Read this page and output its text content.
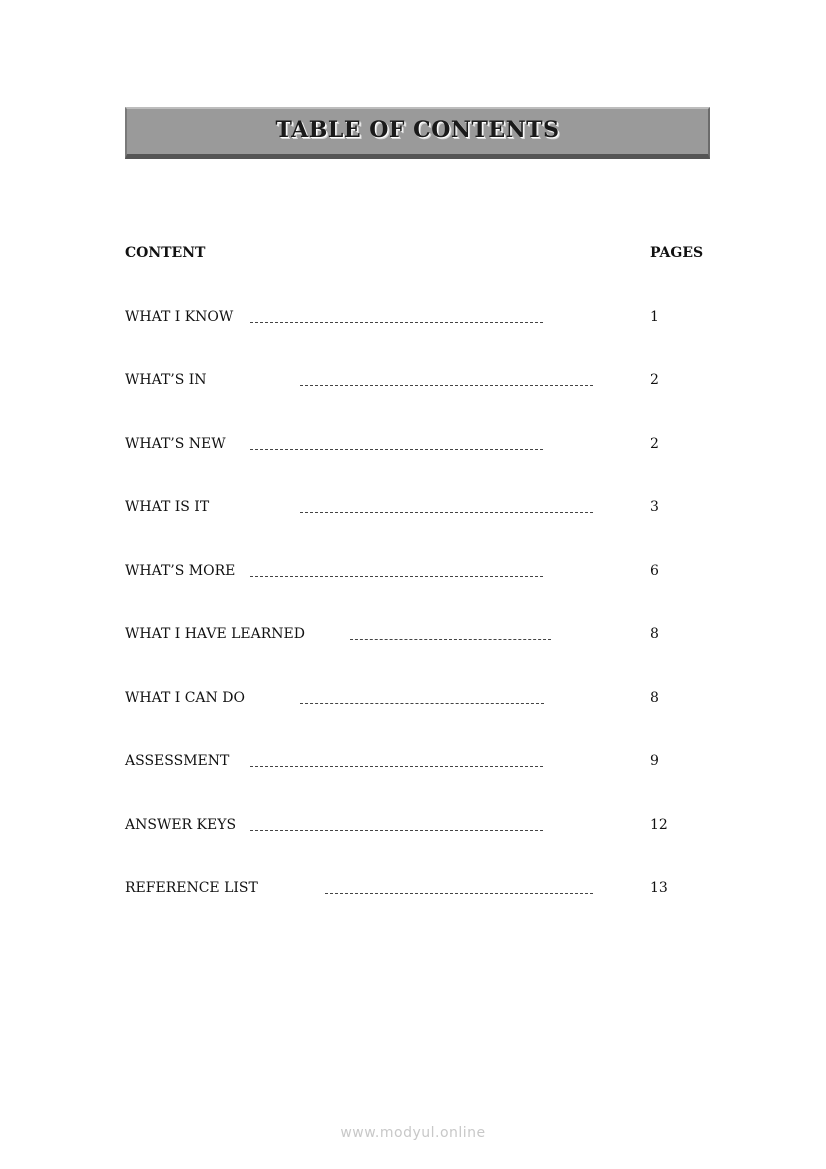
TABLE OF CONTENTS
CONTENT	PAGES
WHAT I KNOW	1
WHAT’S IN	2
WHAT’S NEW	2
WHAT IS IT	3
WHAT’S MORE	6
WHAT I HAVE LEARNED	8
WHAT I CAN DO	8
ASSESSMENT	9
ANSWER KEYS	12
REFERENCE LIST	13
www.modyul.online
